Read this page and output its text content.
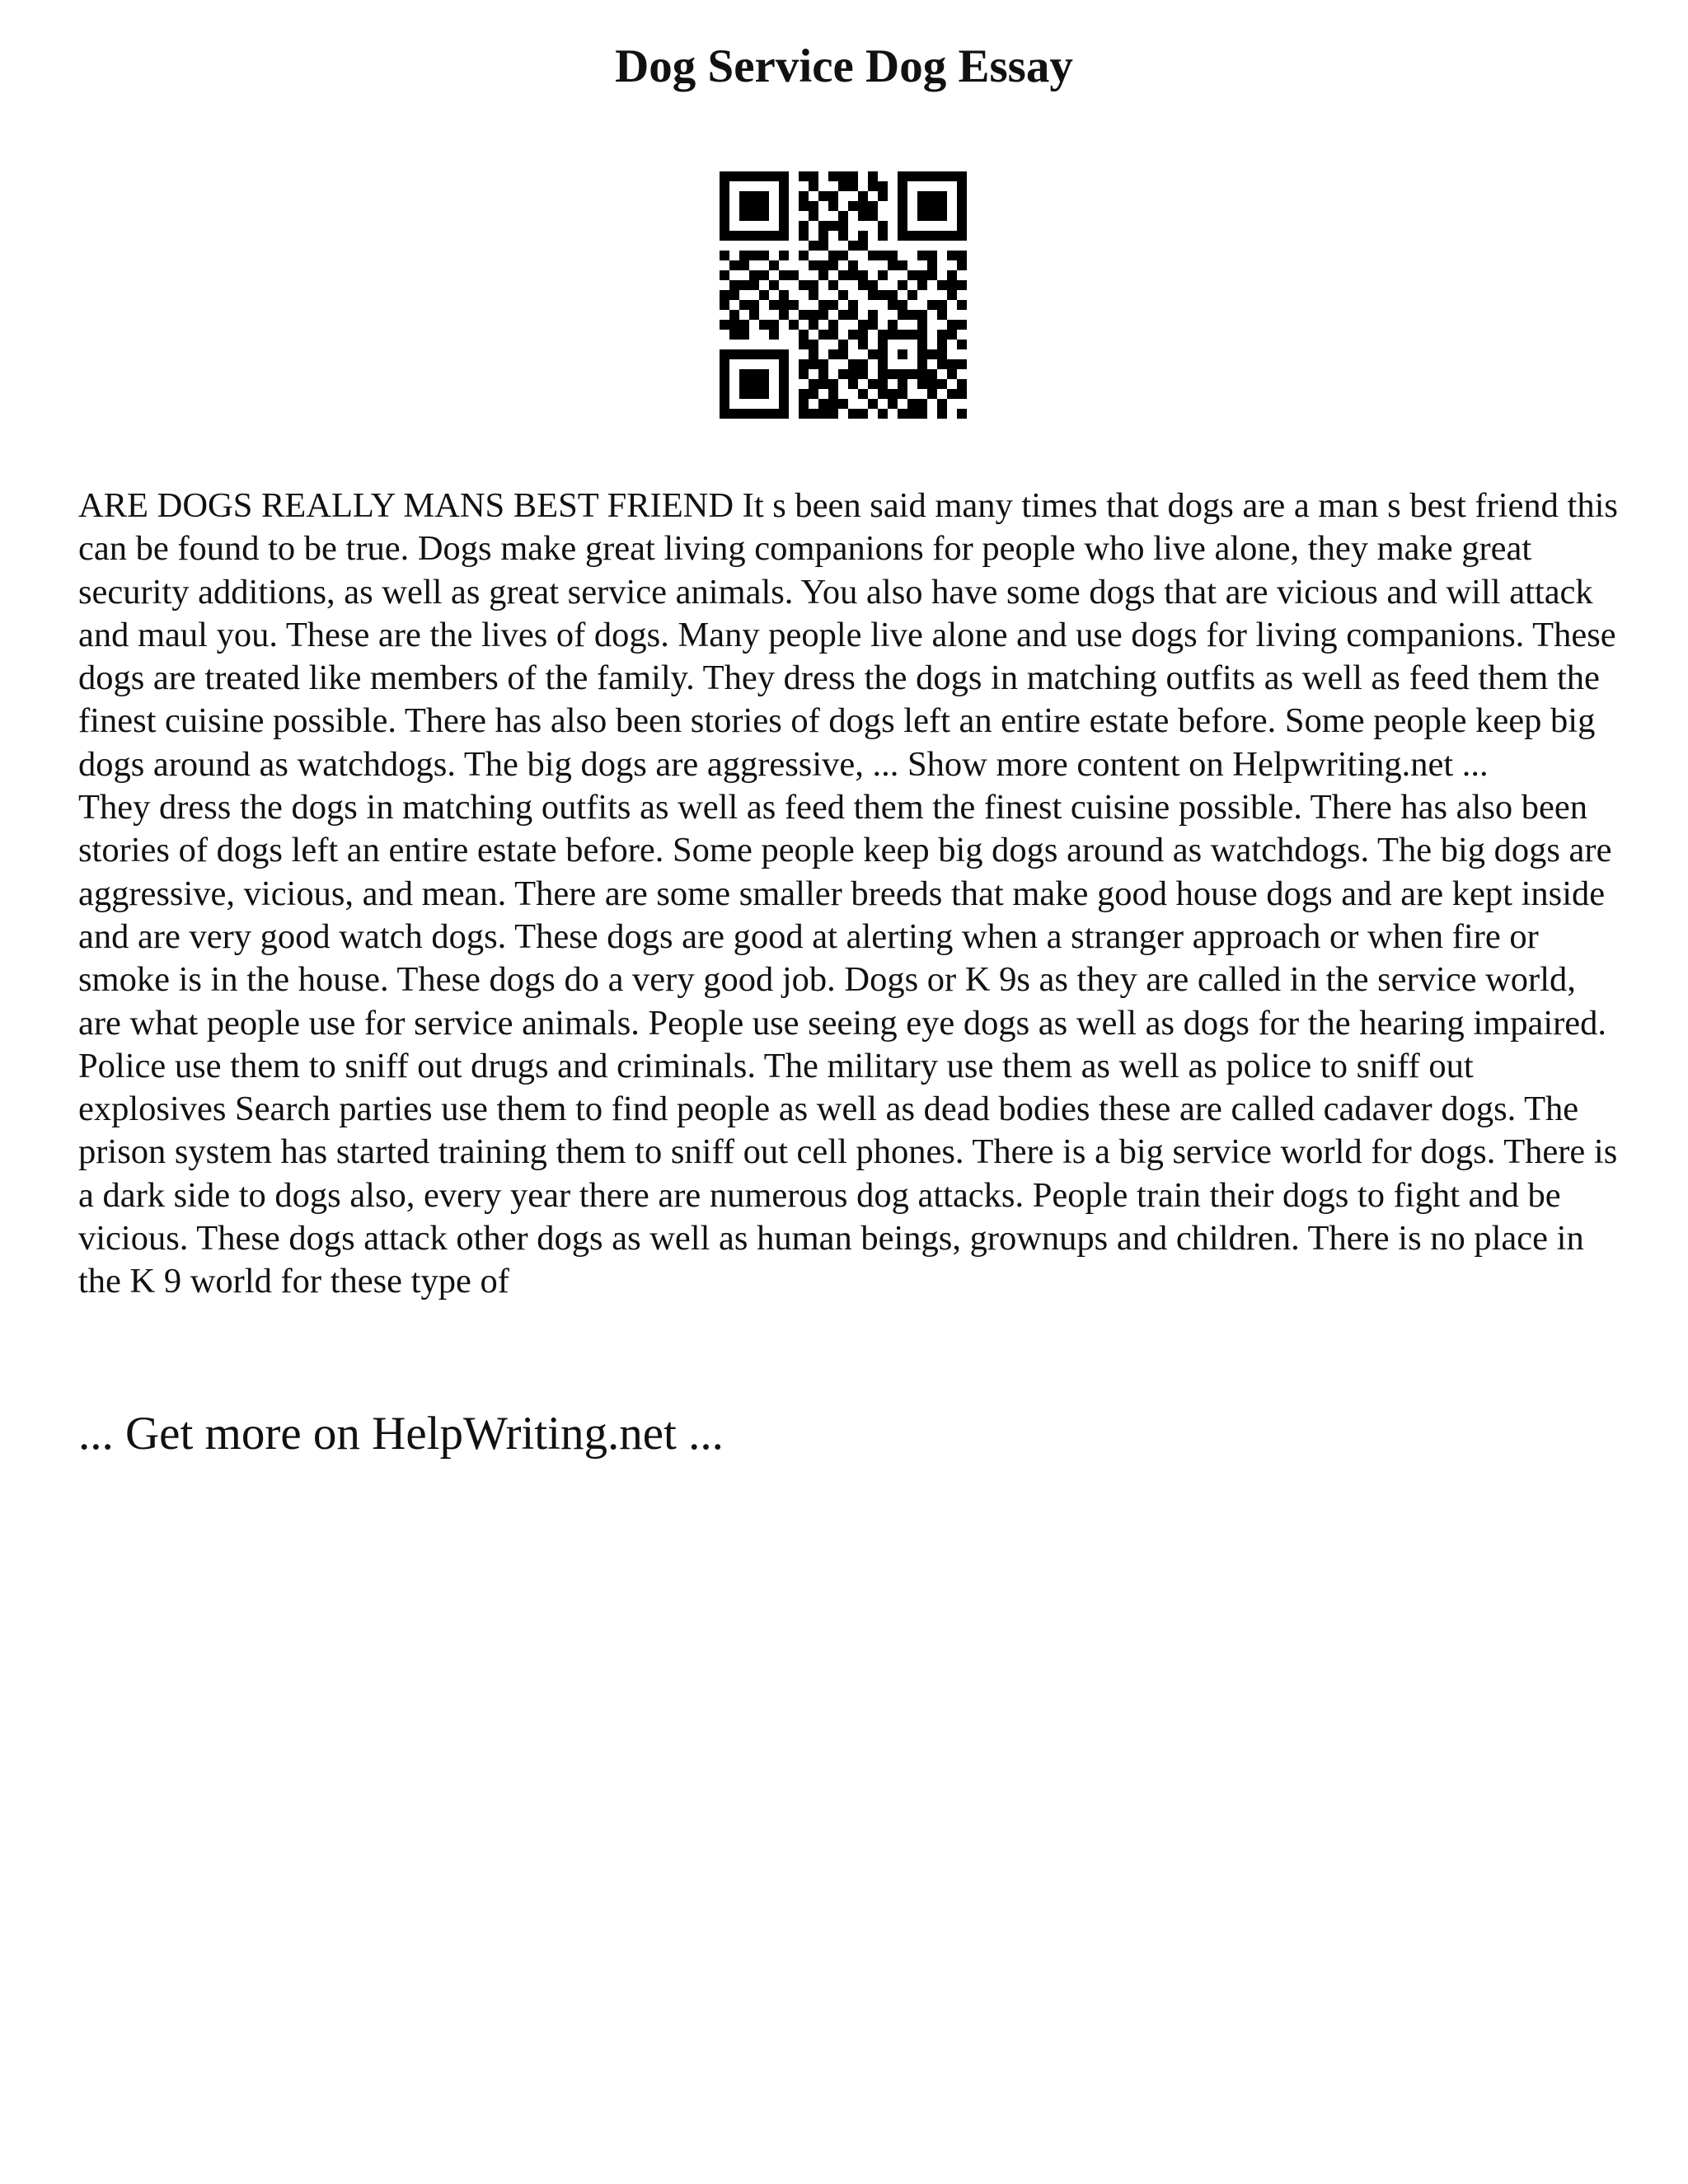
Dog Service Dog Essay

ARE DOGS REALLY MANS BEST FRIEND It s been said many times that dogs are a man s best friend this can be found to be true. Dogs make great living companions for people who live alone, they make great security additions, as well as great service animals. You also have some dogs that are vicious and will attack and maul you. These are the lives of dogs. Many people live alone and use dogs for living companions. These dogs are treated like members of the family. They dress the dogs in matching outfits as well as feed them the finest cuisine possible. There has also been stories of dogs left an entire estate before. Some people keep big dogs around as watchdogs. The big dogs are aggressive, ... Show more content on Helpwriting.net ...

They dress the dogs in matching outfits as well as feed them the finest cuisine possible. There has also been stories of dogs left an entire estate before. Some people keep big dogs around as watchdogs. The big dogs are aggressive, vicious, and mean. There are some smaller breeds that make good house dogs and are kept inside and are very good watch dogs. These dogs are good at alerting when a stranger approach or when fire or smoke is in the house. These dogs do a very good job. Dogs or K 9s as they are called in the service world, are what people use for service animals. People use seeing eye dogs as well as dogs for the hearing impaired. Police use them to sniff out drugs and criminals. The military use them as well as police to sniff out explosives Search parties use them to find people as well as dead bodies these are called cadaver dogs. The prison system has started training them to sniff out cell phones. There is a big service world for dogs. There is a dark side to dogs also, every year there are numerous dog attacks. People train their dogs to fight and be vicious. These dogs attack other dogs as well as human beings, grownups and children. There is no place in the K 9 world for these type of

... Get more on HelpWriting.net ...
